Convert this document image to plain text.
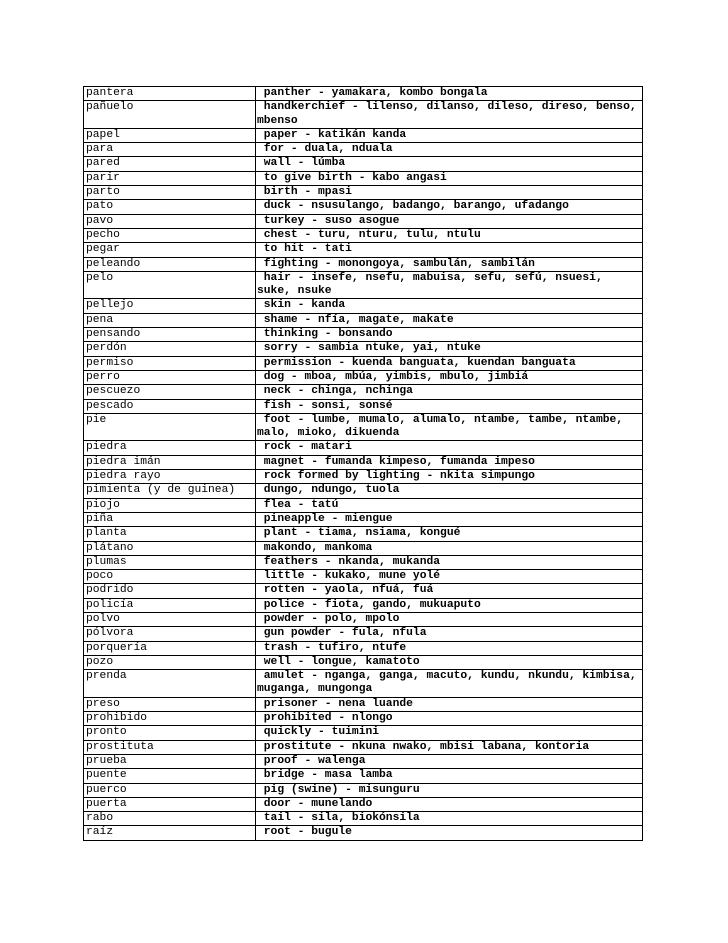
pantera	panther - yamakara, kombo bongala
pañuelo	handkerchief - lilenso, dilanso, dileso, direso, benso, mbenso
papel	paper - katikán kanda
para	for - duala, nduala
pared	wall - lúmba
parir	to give birth - kabo angasi
parto	birth - mpasi
pato	duck - nsusulango, badango, barango, ufadango
pavo	turkey - suso asogue
pecho	chest - turu, nturu, tulu, ntulu
pegar	to hit - tati
peleando	fighting - monongoya, sambulán, sambilán
pelo	hair - insefe, nsefu, mabuisa, sefu, sefú, nsuesi, suke, nsuke
pellejo	skin - kanda
pena	shame - nfía, magate, makate
pensando	thinking - bonsando
perdón	sorry - sambia ntuke, yai, ntuke
permiso	permission - kuenda banguata, kuendan banguata
perro	dog - mboa, mbúa, yimbis, mbulo, jimbiá
pescuezo	neck - chinga, nchinga
pescado	fish - sonsi, sonsé
pie	foot - lumbe, mumalo, alumalo, ntambe, tambe, ntambe, malo, mioko, dikuenda
piedra	rock - matari
piedra imán	magnet - fumanda kimpeso, fumanda impeso
piedra rayo	rock formed by lighting - nkita simpungo
pimienta (y de guinea)	dungo, ndungo, tuola
piojo	flea - tatú
piña	pineapple - miengue
planta	plant - tiama, nsiama, kongué
plátano	makondo, mankoma
plumas	feathers - nkanda, mukanda
poco	little - kukako, mune yolé
podrido	rotten - yaola, nfuá, fuá
policía	police - fiota, gando, mukuaputo
polvo	powder - polo, mpolo
pólvora	gun powder - fula, nfula
porquería	trash - tufiro, ntufe
pozo	well - longue, kamatoto
prenda	amulet - nganga, ganga, macuto, kundu, nkundu, kimbisa, muganga, mungonga
preso	prisoner - nena luande
prohibido	prohibited - nlongo
pronto	quickly - tuimini
prostituta	prostitute - nkuna nwako, mbisi labana, kontoria
prueba	proof - walenga
puente	bridge - masa lamba
puerco	pig (swine) - misunguru
puerta	door - munelando
rabo	tail - sila, biokónsila
raíz	root - bugule
